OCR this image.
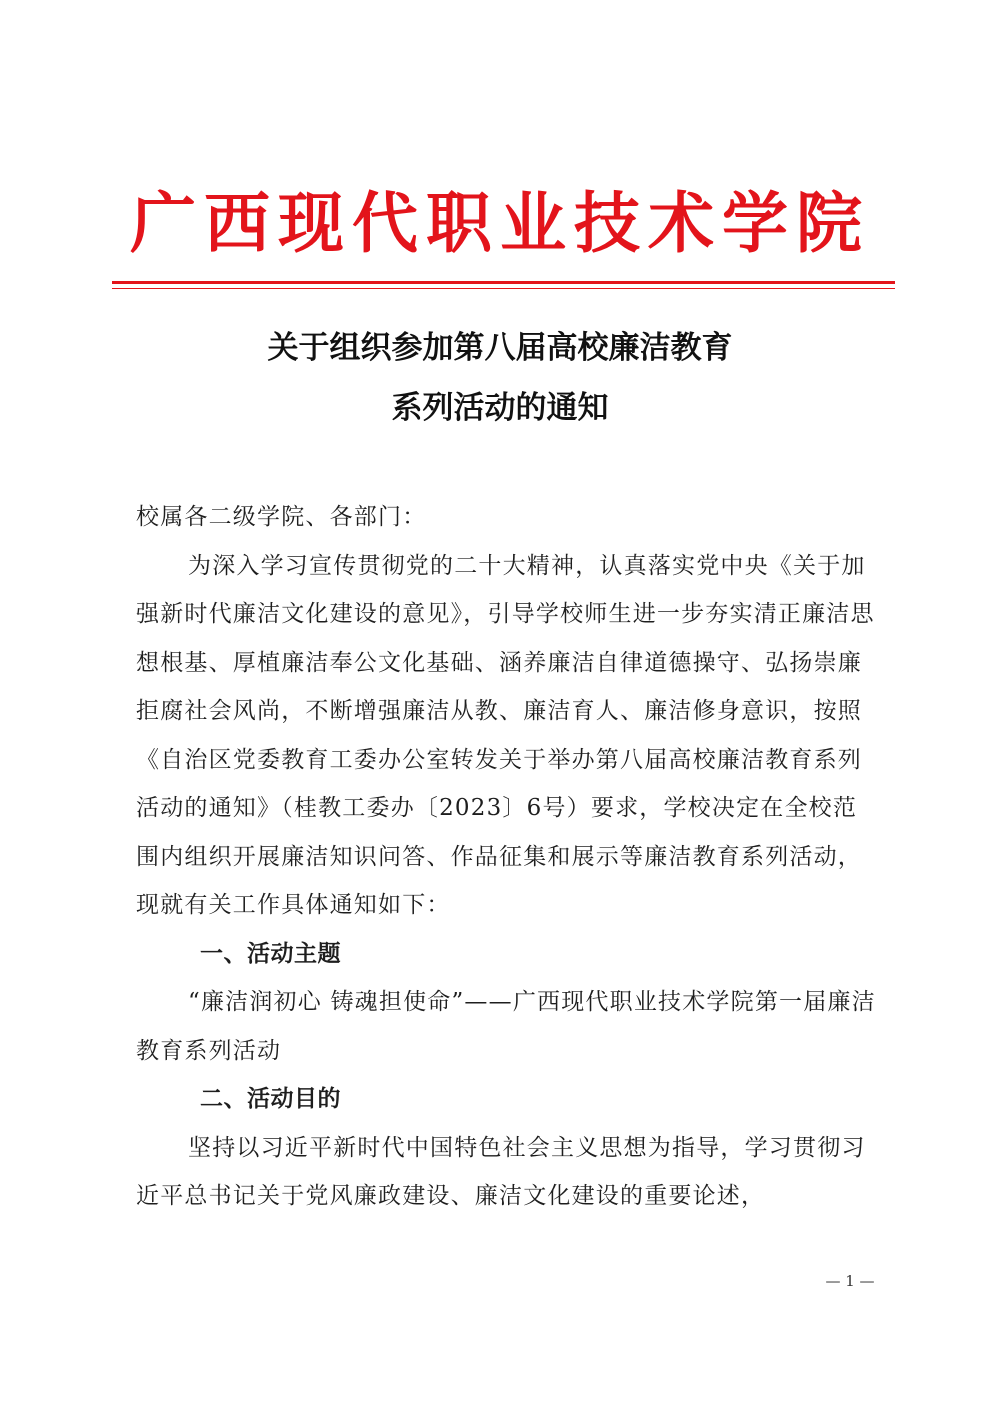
广西现代职业技术学院
关于组织参加第八届高校廉洁教育
系列活动的通知

校属各二级学院、各部门：

为深入学习宣传贯彻党的二十大精神，认真落实党中央《关于加强新时代廉洁文化建设的意见》，引导学校师生进一步夯实清正廉洁思想根基、厚植廉洁奉公文化基础、涵养廉洁自律道德操守、弘扬崇廉拒腐社会风尚，不断增强廉洁从教、廉洁育人、廉洁修身意识，按照《自治区党委教育工委办公室转发关于举办第八届高校廉洁教育系列活动的通知》（桂教工委办〔2023〕6号）要求，学校决定在全校范围内组织开展廉洁知识问答、作品征集和展示等廉洁教育系列活动，现就有关工作具体通知如下：

一、活动主题

“廉洁润初心 铸魂担使命”——广西现代职业技术学院第一届廉洁教育系列活动

二、活动目的

坚持以习近平新时代中国特色社会主义思想为指导，学习贯彻习近平总书记关于党风廉政建设、廉洁文化建设的重要论述，

— 1 —
